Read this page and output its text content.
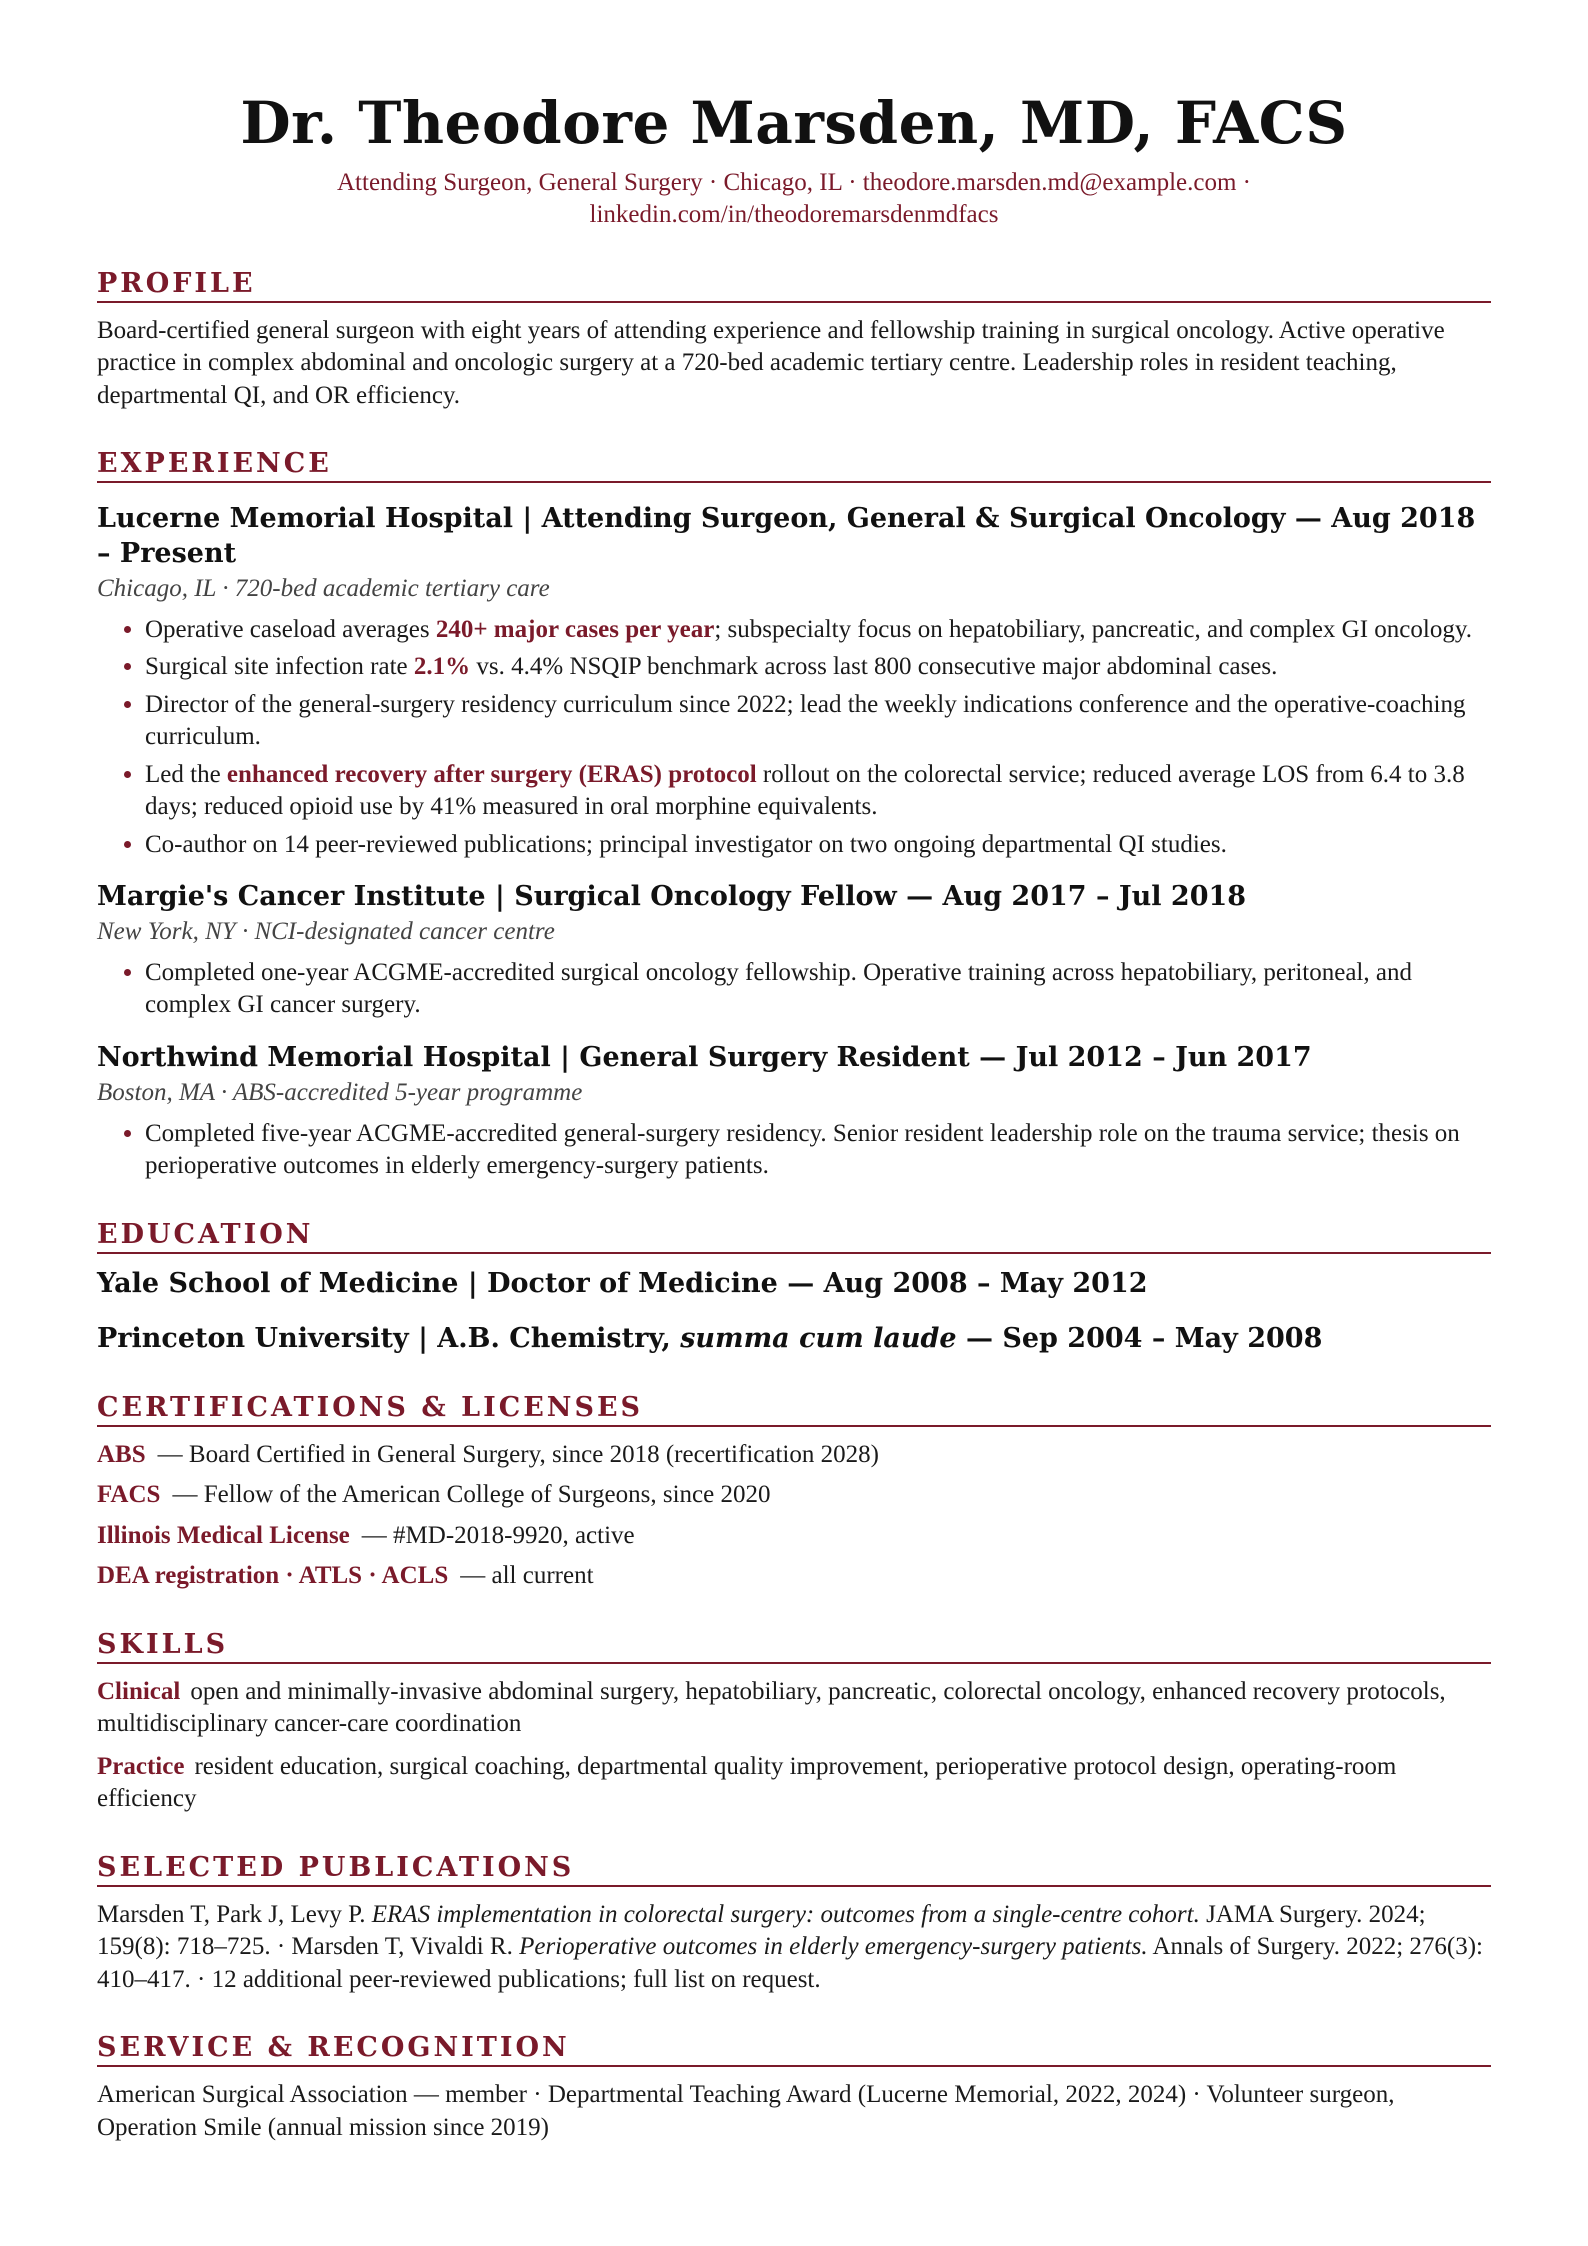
Dr. Theodore Marsden, MD, FACS
Attending Surgeon, General Surgery · Chicago, IL · theodore.marsden.md@example.com ·
linkedin.com/in/theodoremarsdenmdfacs
PROFILE
Board-certified general surgeon with eight years of attending experience and fellowship training in surgical oncology. Active operative practice in complex abdominal and oncologic surgery at a 720-bed academic tertiary centre. Leadership roles in resident teaching, departmental QI, and OR efficiency.
EXPERIENCE
Lucerne Memorial Hospital | Attending Surgeon, General & Surgical Oncology — Aug 2018 – Present
Chicago, IL · 720-bed academic tertiary care
• Operative caseload averages 240+ major cases per year; subspecialty focus on hepatobiliary, pancreatic, and complex GI oncology.
• Surgical site infection rate 2.1% vs. 4.4% NSQIP benchmark across last 800 consecutive major abdominal cases.
• Director of the general-surgery residency curriculum since 2022; lead the weekly indications conference and the operative-coaching curriculum.
• Led the enhanced recovery after surgery (ERAS) protocol rollout on the colorectal service; reduced average LOS from 6.4 to 3.8 days; reduced opioid use by 41% measured in oral morphine equivalents.
• Co-author on 14 peer-reviewed publications; principal investigator on two ongoing departmental QI studies.
Margie's Cancer Institute | Surgical Oncology Fellow — Aug 2017 – Jul 2018
New York, NY · NCI-designated cancer centre
• Completed one-year ACGME-accredited surgical oncology fellowship. Operative training across hepatobiliary, peritoneal, and complex GI cancer surgery.
Northwind Memorial Hospital | General Surgery Resident — Jul 2012 – Jun 2017
Boston, MA · ABS-accredited 5-year programme
• Completed five-year ACGME-accredited general-surgery residency. Senior resident leadership role on the trauma service; thesis on perioperative outcomes in elderly emergency-surgery patients.
EDUCATION
Yale School of Medicine | Doctor of Medicine — Aug 2008 – May 2012
Princeton University | A.B. Chemistry, summa cum laude — Sep 2004 – May 2008
CERTIFICATIONS & LICENSES
ABS — Board Certified in General Surgery, since 2018 (recertification 2028)
FACS — Fellow of the American College of Surgeons, since 2020
Illinois Medical License — #MD-2018-9920, active
DEA registration · ATLS · ACLS — all current
SKILLS
Clinical open and minimally-invasive abdominal surgery, hepatobiliary, pancreatic, colorectal oncology, enhanced recovery protocols, multidisciplinary cancer-care coordination
Practice resident education, surgical coaching, departmental quality improvement, perioperative protocol design, operating-room efficiency
SELECTED PUBLICATIONS
Marsden T, Park J, Levy P. ERAS implementation in colorectal surgery: outcomes from a single-centre cohort. JAMA Surgery. 2024; 159(8): 718–725. · Marsden T, Vivaldi R. Perioperative outcomes in elderly emergency-surgery patients. Annals of Surgery. 2022; 276(3): 410–417. · 12 additional peer-reviewed publications; full list on request.
SERVICE & RECOGNITION
American Surgical Association — member · Departmental Teaching Award (Lucerne Memorial, 2022, 2024) · Volunteer surgeon, Operation Smile (annual mission since 2019)
